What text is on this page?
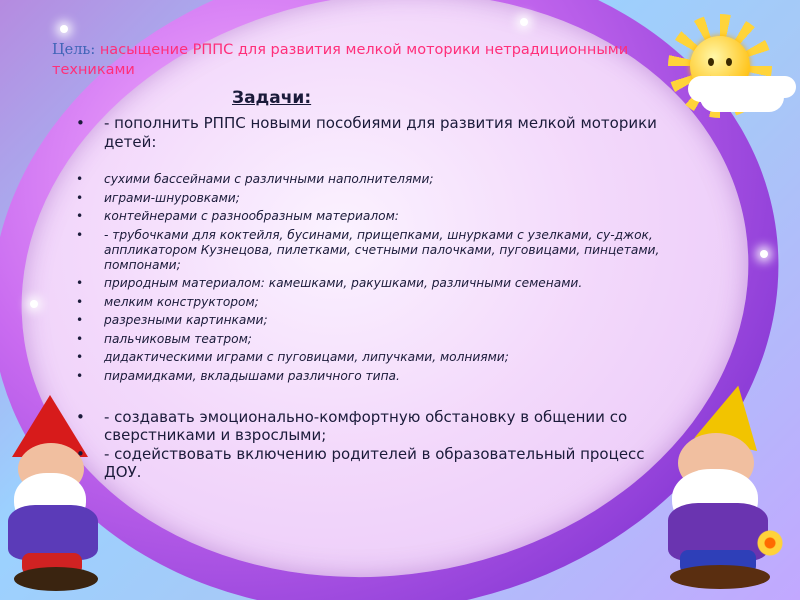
Цель: насыщение РППС для развития мелкой моторики нетрадиционными техниками

Задачи:

• - пополнить РППС новыми пособиями для развития мелкой моторики детей:
• сухими бассейнами с различными наполнителями;
• играми-шнуровками;
• контейнерами с разнообразным материалом:
• - трубочками для коктейля, бусинами, прищепками, шнурками с узелками, су-джок, аппликатором Кузнецова, пилетками, счетными палочками, пуговицами, пинцетами, помпонами;
• природным материалом: камешками, ракушками, различными семенами.
• мелким конструктором;
• разрезными картинками;
• пальчиковым театром;
• дидактическими играми с пуговицами, липучками, молниями;
• пирамидками, вкладышами различного типа.
• - создавать эмоционально-комфортную обстановку в общении со сверстниками и взрослыми;
• - содействовать включению родителей в образовательный процесс ДОУ.
